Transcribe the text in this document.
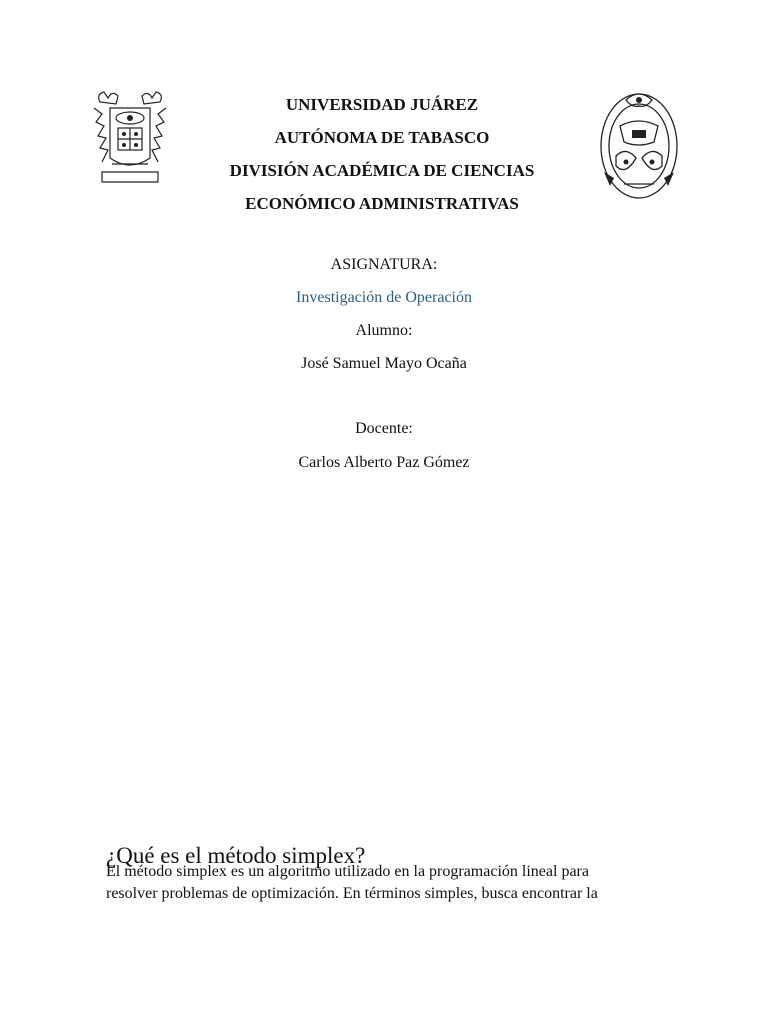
UNIVERSIDAD JUÁREZ
AUTÓNOMA DE TABASCO
DIVISIÓN ACADÉMICA DE CIENCIAS
ECONÓMICO ADMINISTRATIVAS
ASIGNATURA:
Investigación de Operación
Alumno:
José Samuel Mayo Ocaña
Docente:
Carlos Alberto Paz Gómez
¿Qué es el método simplex?

El método simplex es un algoritmo utilizado en la programación lineal para

resolver problemas de optimización. En términos simples, busca encontrar la
